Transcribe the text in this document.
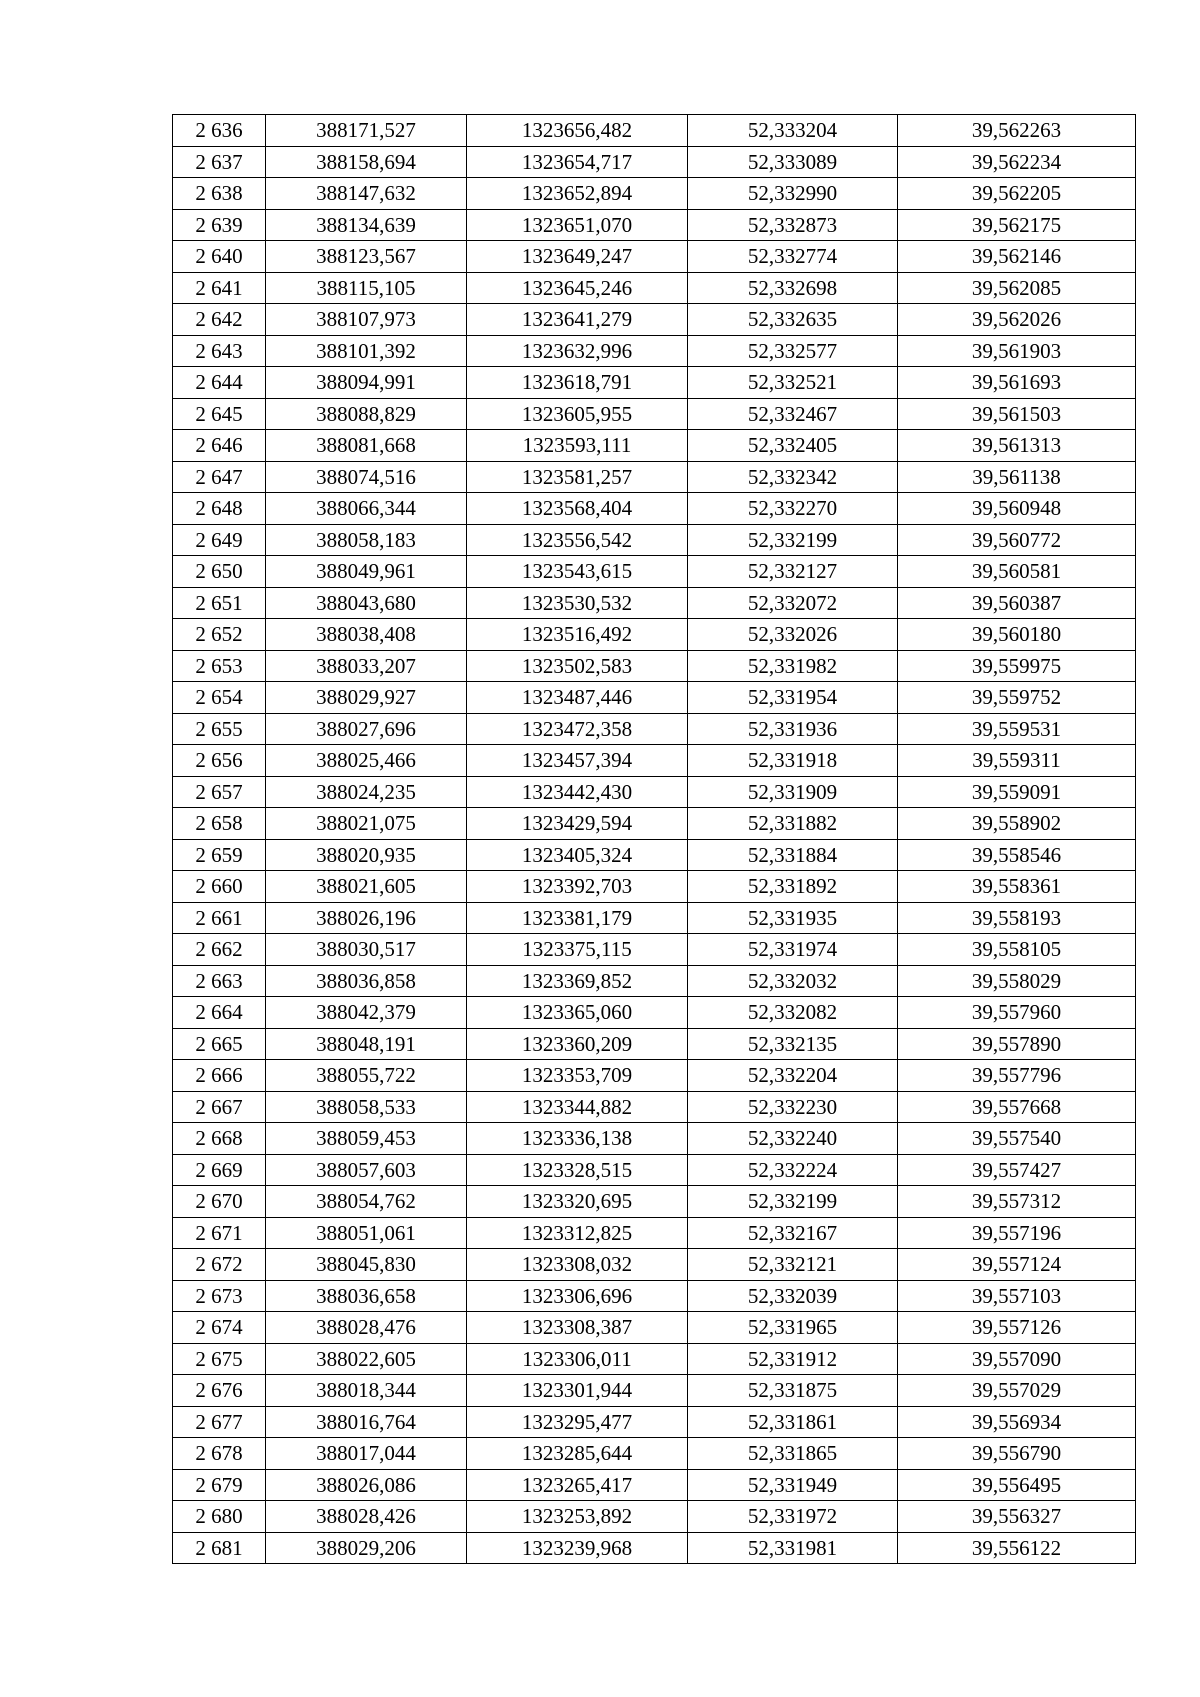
2 636	388171,527	1323656,482	52,333204	39,562263
2 637	388158,694	1323654,717	52,333089	39,562234
2 638	388147,632	1323652,894	52,332990	39,562205
2 639	388134,639	1323651,070	52,332873	39,562175
2 640	388123,567	1323649,247	52,332774	39,562146
2 641	388115,105	1323645,246	52,332698	39,562085
2 642	388107,973	1323641,279	52,332635	39,562026
2 643	388101,392	1323632,996	52,332577	39,561903
2 644	388094,991	1323618,791	52,332521	39,561693
2 645	388088,829	1323605,955	52,332467	39,561503
2 646	388081,668	1323593,111	52,332405	39,561313
2 647	388074,516	1323581,257	52,332342	39,561138
2 648	388066,344	1323568,404	52,332270	39,560948
2 649	388058,183	1323556,542	52,332199	39,560772
2 650	388049,961	1323543,615	52,332127	39,560581
2 651	388043,680	1323530,532	52,332072	39,560387
2 652	388038,408	1323516,492	52,332026	39,560180
2 653	388033,207	1323502,583	52,331982	39,559975
2 654	388029,927	1323487,446	52,331954	39,559752
2 655	388027,696	1323472,358	52,331936	39,559531
2 656	388025,466	1323457,394	52,331918	39,559311
2 657	388024,235	1323442,430	52,331909	39,559091
2 658	388021,075	1323429,594	52,331882	39,558902
2 659	388020,935	1323405,324	52,331884	39,558546
2 660	388021,605	1323392,703	52,331892	39,558361
2 661	388026,196	1323381,179	52,331935	39,558193
2 662	388030,517	1323375,115	52,331974	39,558105
2 663	388036,858	1323369,852	52,332032	39,558029
2 664	388042,379	1323365,060	52,332082	39,557960
2 665	388048,191	1323360,209	52,332135	39,557890
2 666	388055,722	1323353,709	52,332204	39,557796
2 667	388058,533	1323344,882	52,332230	39,557668
2 668	388059,453	1323336,138	52,332240	39,557540
2 669	388057,603	1323328,515	52,332224	39,557427
2 670	388054,762	1323320,695	52,332199	39,557312
2 671	388051,061	1323312,825	52,332167	39,557196
2 672	388045,830	1323308,032	52,332121	39,557124
2 673	388036,658	1323306,696	52,332039	39,557103
2 674	388028,476	1323308,387	52,331965	39,557126
2 675	388022,605	1323306,011	52,331912	39,557090
2 676	388018,344	1323301,944	52,331875	39,557029
2 677	388016,764	1323295,477	52,331861	39,556934
2 678	388017,044	1323285,644	52,331865	39,556790
2 679	388026,086	1323265,417	52,331949	39,556495
2 680	388028,426	1323253,892	52,331972	39,556327
2 681	388029,206	1323239,968	52,331981	39,556122
